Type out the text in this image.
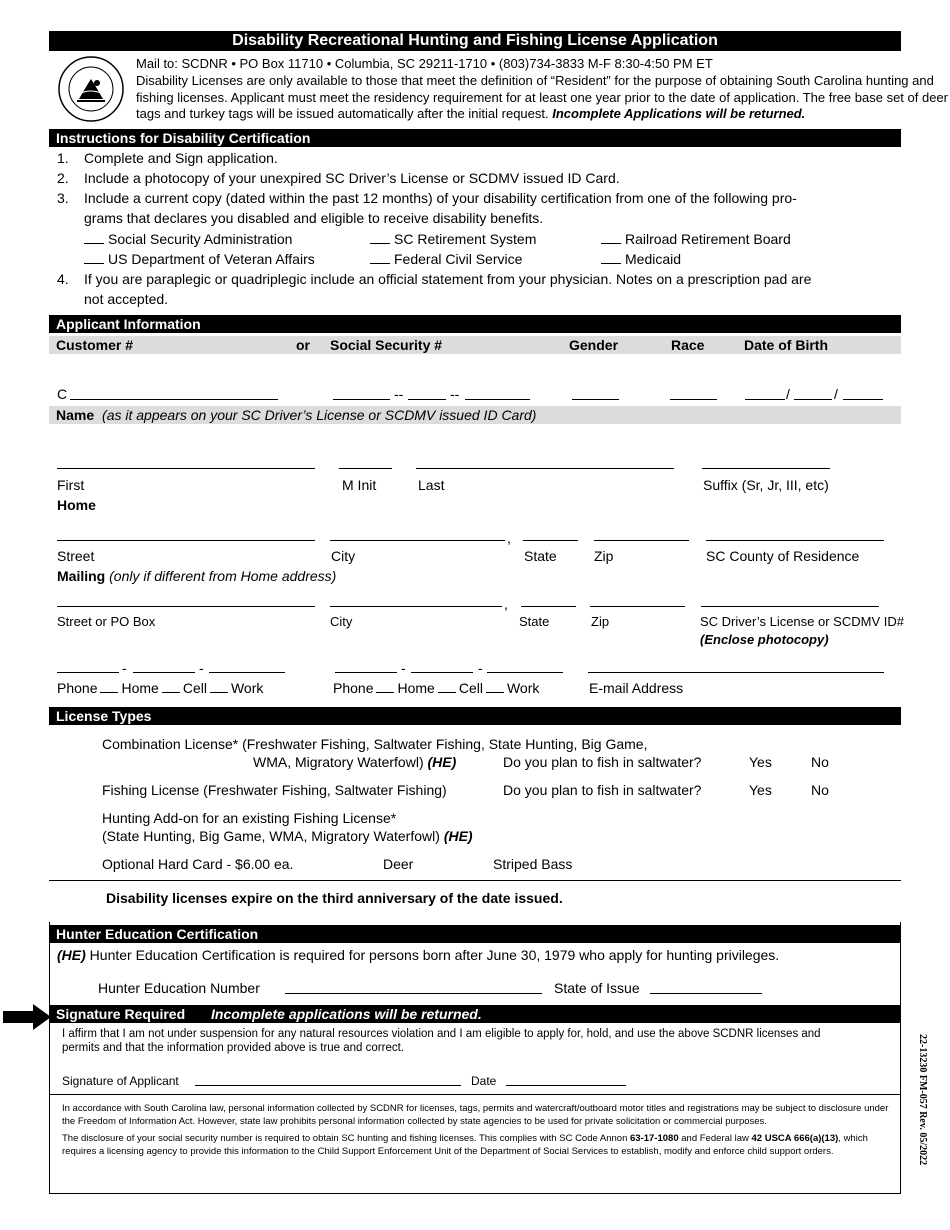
Disability Recreational Hunting and Fishing License Application
Mail to: SCDNR • PO Box 11710 • Columbia, SC 29211-1710 • (803)734-3833 M-F 8:30-4:50 PM ET
Disability Licenses are only available to those that meet the definition of “Resident” for the purpose of obtaining South Carolina hunting and
fishing licenses. Applicant must meet the residency requirement for at least one year prior to the date of application. The free base set of deer
tags and turkey tags will be issued automatically after the initial request. Incomplete Applications will be returned.
Instructions for Disability Certification
1. Complete and Sign application.
2. Include a photocopy of your unexpired SC Driver’s License or SCDMV issued ID Card.
3. Include a current copy (dated within the past 12 months) of your disability certification from one of the following pro-
grams that declares you disabled and eligible to receive disability benefits.
Social Security Administration	SC Retirement System	Railroad Retirement Board
US Department of Veteran Affairs	Federal Civil Service	Medicaid
4. If you are paraplegic or quadriplegic include an official statement from your physician. Notes on a prescription pad are
not accepted.
Applicant Information
Customer #	or Social Security #	Gender	Race	Date of Birth
C	--	--	/	/
Name (as it appears on your SC Driver’s License or SCDMV issued ID Card)
First	M Init	Last	Suffix (Sr, Jr, III, etc)
Home
,
Street	City	State	Zip	SC County of Residence
Mailing (only if different from Home address)
,
Street or PO Box	City	State	Zip	SC Driver’s License or SCDMV ID#
(Enclose photocopy)
-	-	-	-
Phone Home Cell Work	Phone Home Cell Work	E-mail Address
License Types
Combination License* (Freshwater Fishing, Saltwater Fishing, State Hunting, Big Game,
WMA, Migratory Waterfowl) (HE)	Do you plan to fish in saltwater?	Yes	No
Fishing License (Freshwater Fishing, Saltwater Fishing)	Do you plan to fish in saltwater?	Yes	No
Hunting Add-on for an existing Fishing License*
(State Hunting, Big Game, WMA, Migratory Waterfowl) (HE)
Optional Hard Card - $6.00 ea.	Deer	Striped Bass
Disability licenses expire on the third anniversary of the date issued.
Hunter Education Certification
(HE) Hunter Education Certification is required for persons born after June 30, 1979 who apply for hunting privileges.
Hunter Education Number	State of Issue
Signature Required Incomplete applications will be returned.
I affirm that I am not under suspension for any natural resources violation and I am eligible to apply for, hold, and use the above SCDNR licenses and
permits and that the information provided above is true and correct.
Signature of Applicant	Date
In accordance with South Carolina law, personal information collected by SCDNR for licenses, tags, permits and watercraft/outboard motor titles and registrations may be subject to disclosure under the Freedom of Information Act. However, state law prohibits personal information collected by state agencies to be used for private solicitation or commercial purposes.
The disclosure of your social security number is required to obtain SC hunting and fishing licenses. This complies with SC Code Annon 63-17-1080 and Federal law 42 USCA 666(a)(13), which requires a licensing agency to provide this information to the Child Support Enforcement Unit of the Department of Social Services to establish, modify and enforce child support orders.	22-13230 FM-057 Rev. 05/2022
